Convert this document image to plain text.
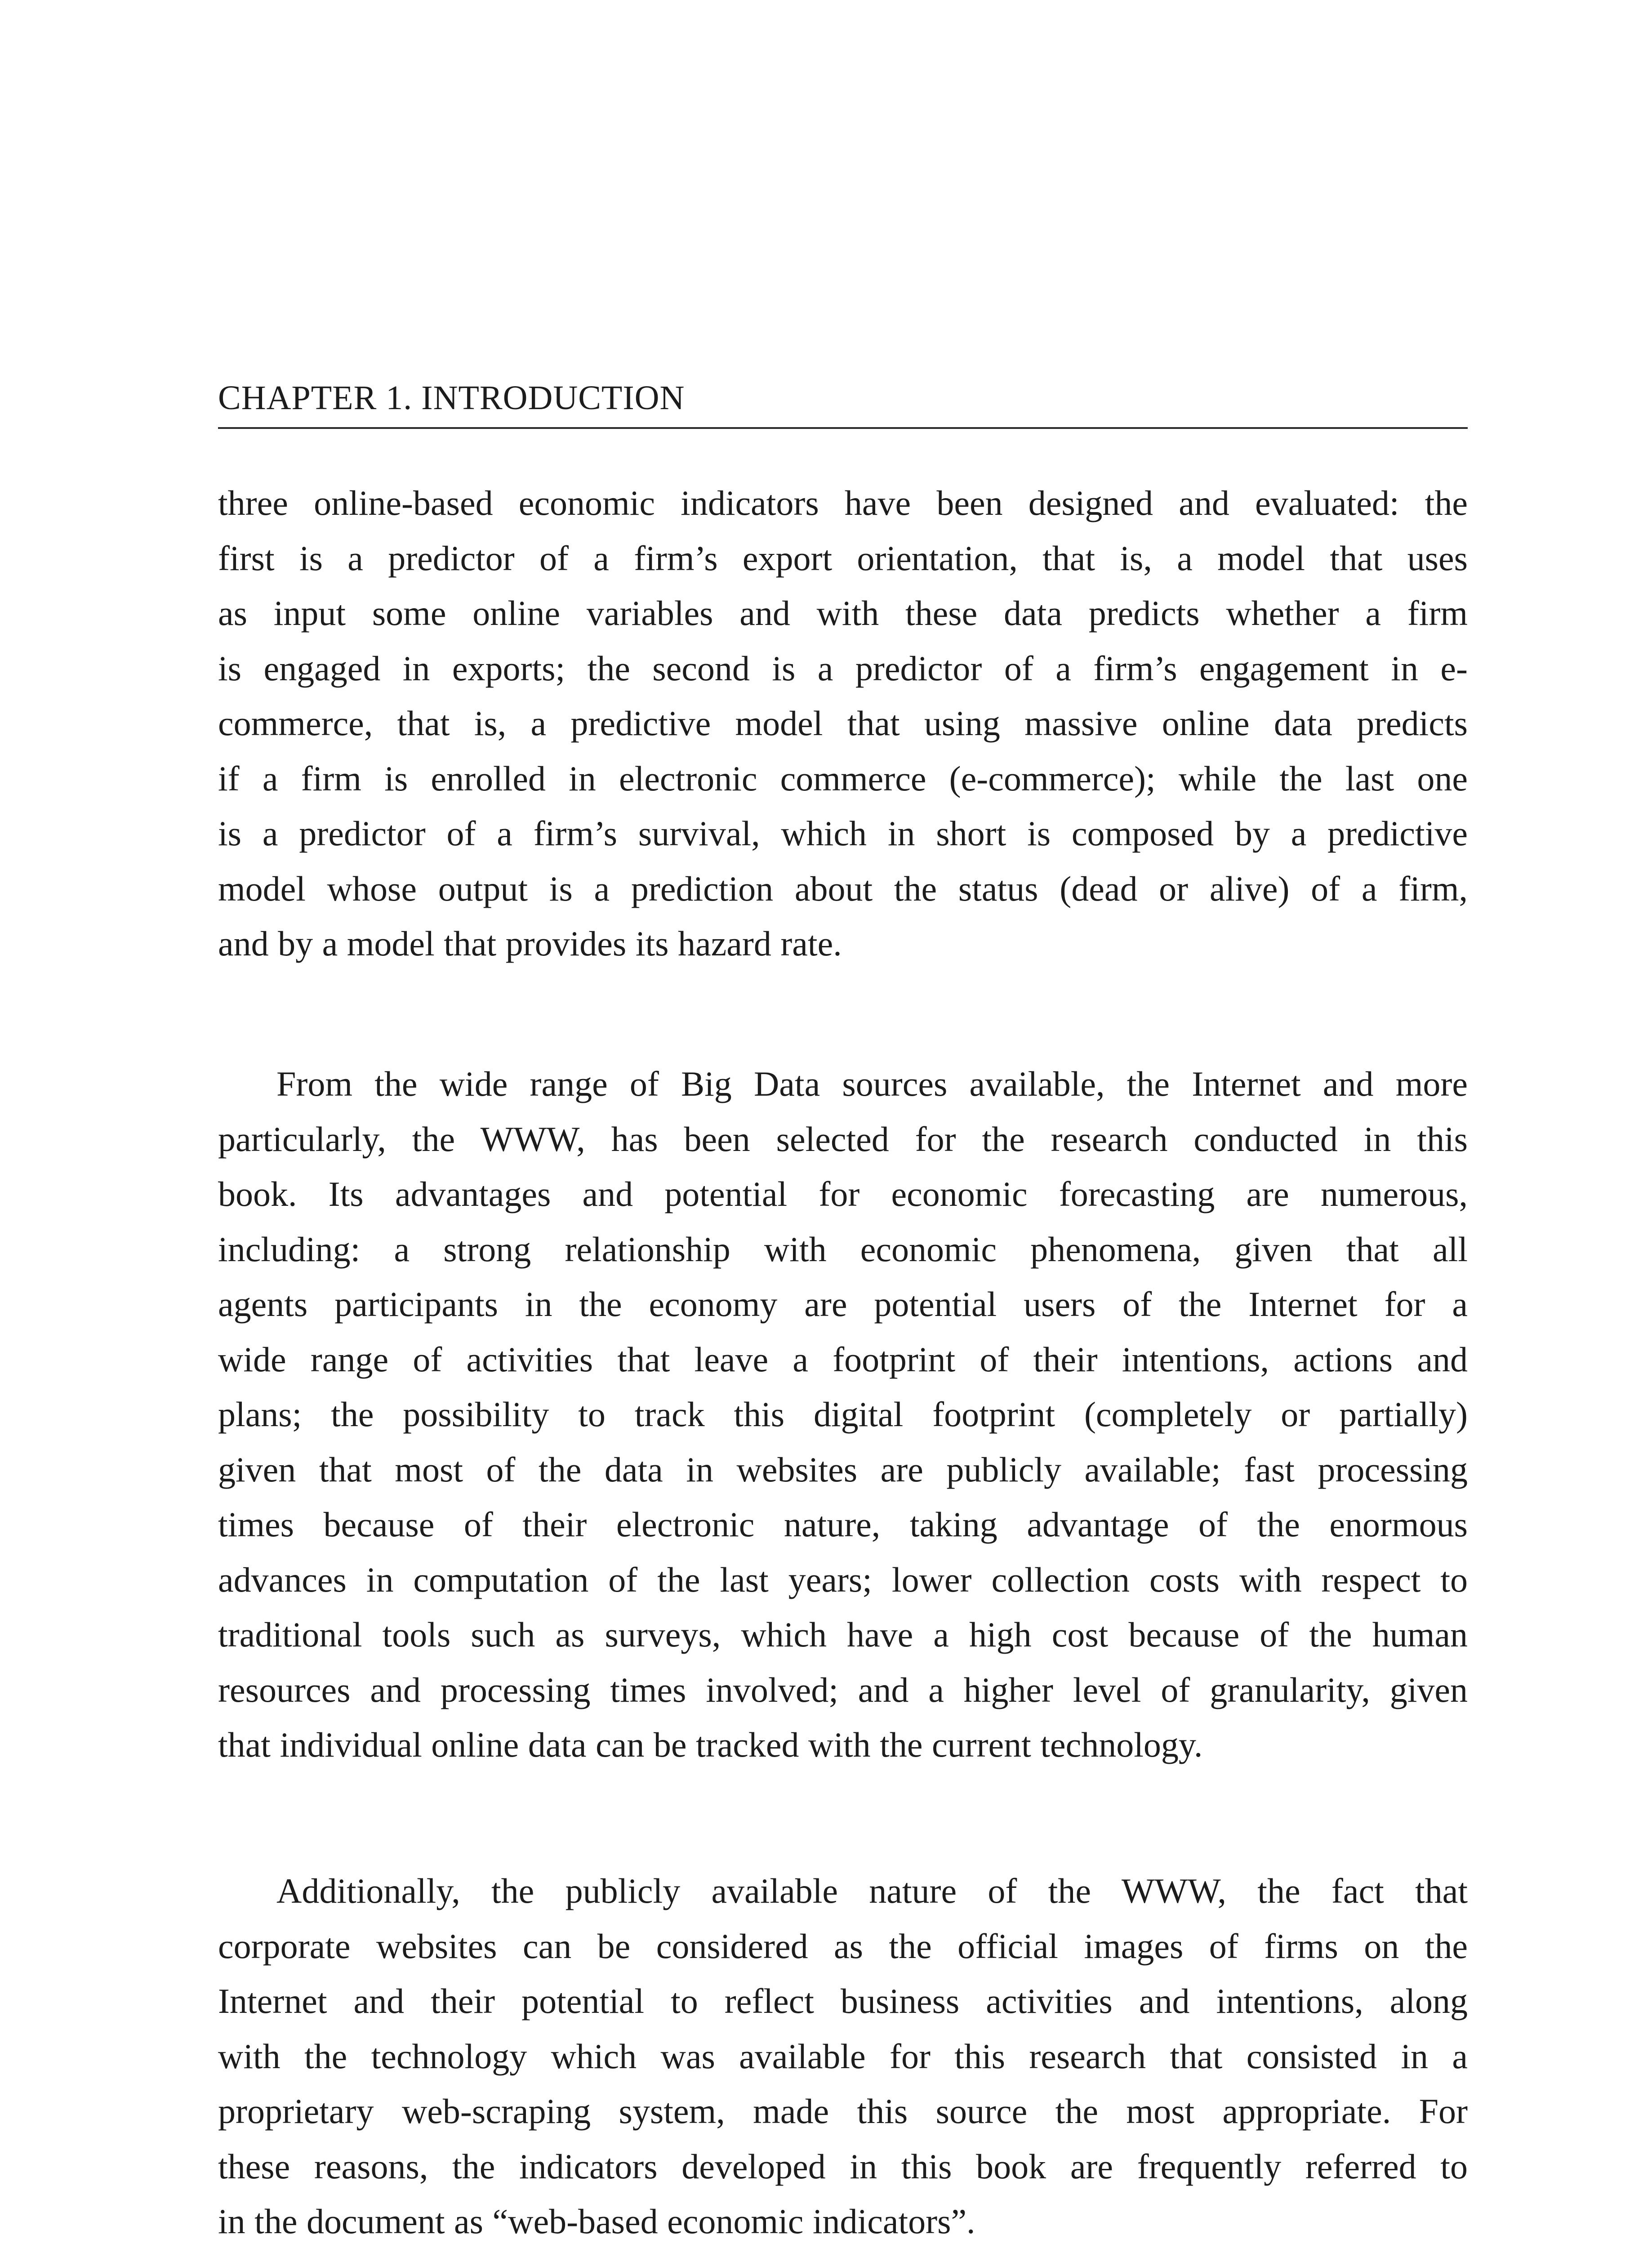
CHAPTER 1. INTRODUCTION
three online-based economic indicators have been designed and evaluated: the
first is a predictor of a firm’s export orientation, that is, a model that uses
as input some online variables and with these data predicts whether a firm
is engaged in exports; the second is a predictor of a firm’s engagement in e-
commerce, that is, a predictive model that using massive online data predicts
if a firm is enrolled in electronic commerce (e-commerce); while the last one
is a predictor of a firm’s survival, which in short is composed by a predictive
model whose output is a prediction about the status (dead or alive) of a firm,
and by a model that provides its hazard rate.
From the wide range of Big Data sources available, the Internet and more
particularly, the WWW, has been selected for the research conducted in this
book. Its advantages and potential for economic forecasting are numerous,
including: a strong relationship with economic phenomena, given that all
agents participants in the economy are potential users of the Internet for a
wide range of activities that leave a footprint of their intentions, actions and
plans; the possibility to track this digital footprint (completely or partially)
given that most of the data in websites are publicly available; fast processing
times because of their electronic nature, taking advantage of the enormous
advances in computation of the last years; lower collection costs with respect to
traditional tools such as surveys, which have a high cost because of the human
resources and processing times involved; and a higher level of granularity, given
that individual online data can be tracked with the current technology.
Additionally, the publicly available nature of the WWW, the fact that
corporate websites can be considered as the official images of firms on the
Internet and their potential to reflect business activities and intentions, along
with the technology which was available for this research that consisted in a
proprietary web-scraping system, made this source the most appropriate. For
these reasons, the indicators developed in this book are frequently referred to
in the document as “web-based economic indicators”.
